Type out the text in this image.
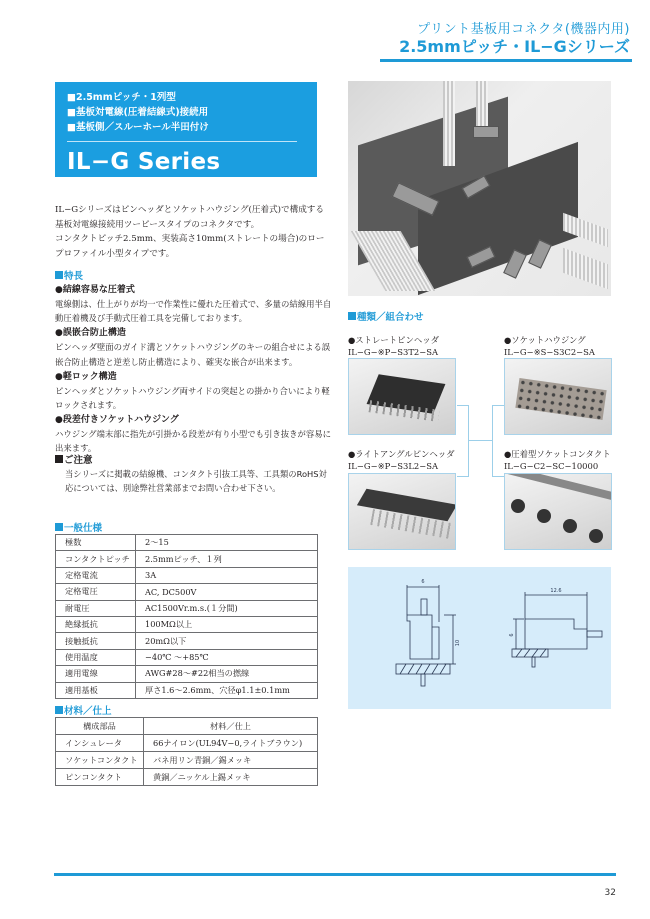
プリント基板用コネクタ(機器内用)
2.5mmピッチ・IL−Gシリーズ
■2.5mmピッチ・1列型
■基板対電線(圧着結線式)接続用
■基板側／スルーホール半田付け
IL−G Series
IL−Gシリーズはピンヘッダとソケットハウジング(圧着式)で構成する
基板対電線接続用ツーピースタイプのコネクタです。
コンタクトピッチ2.5mm、実装高さ10mm(ストレートの場合)のロー
プロファイル小型タイプです。
特長
●結線容易な圧着式
電線側は、仕上がりが均一で作業性に優れた圧着式で、多量の結線用半自動圧着機及び手動式圧着工具を完備しております。
●誤嵌合防止構造
ピンヘッダ壁面のガイド溝とソケットハウジングのキーの組合せによる誤嵌合防止構造と逆差し防止構造により、確実な嵌合が出来ます。
●軽ロック構造
ピンヘッダとソケットハウジング両サイドの突起との掛かり合いにより軽ロックされます。
●段差付きソケットハウジング
ハウジング端末部に指先が引掛かる段差が有り小型でも引き抜きが容易に出来ます。
ご注意
当シリーズに掲載の結線機、コンタクト引抜工具等、工具類のRoHS対応については、別途弊社営業部までお問い合わせ下さい。
一般仕様
極数	2〜15
コンタクトピッチ	2.5mmピッチ、１列
定格電流	3A
定格電圧	AC, DC500V
耐電圧	AC1500Vr.m.s.(１分間)
絶縁抵抗	100MΩ以上
接触抵抗	20mΩ以下
使用温度	−40℃ 〜+85℃
適用電線	AWG#28〜#22相当の撚線
適用基板	厚さ1.6〜2.6mm、穴径φ1.1±0.1mm
材料／仕上
構成部品	材料／仕上
インシュレータ	66ナイロン(UL94V−0,ライトブラウン)
ソケットコンタクト	バネ用リン青銅／錫メッキ
ピンコンタクト	黄銅／ニッケル上錫メッキ
種類／組合わせ
●ストレートピンヘッダ
IL−G−※P−S3T2−SA
●ソケットハウジング
IL−G−※S−S3C2−SA
●ライトアングルピンヘッダ
IL−G−※P−S3L2−SA
●圧着型ソケットコンタクト
IL−G−C2−SC−10000
6
10
12.6
6
32
